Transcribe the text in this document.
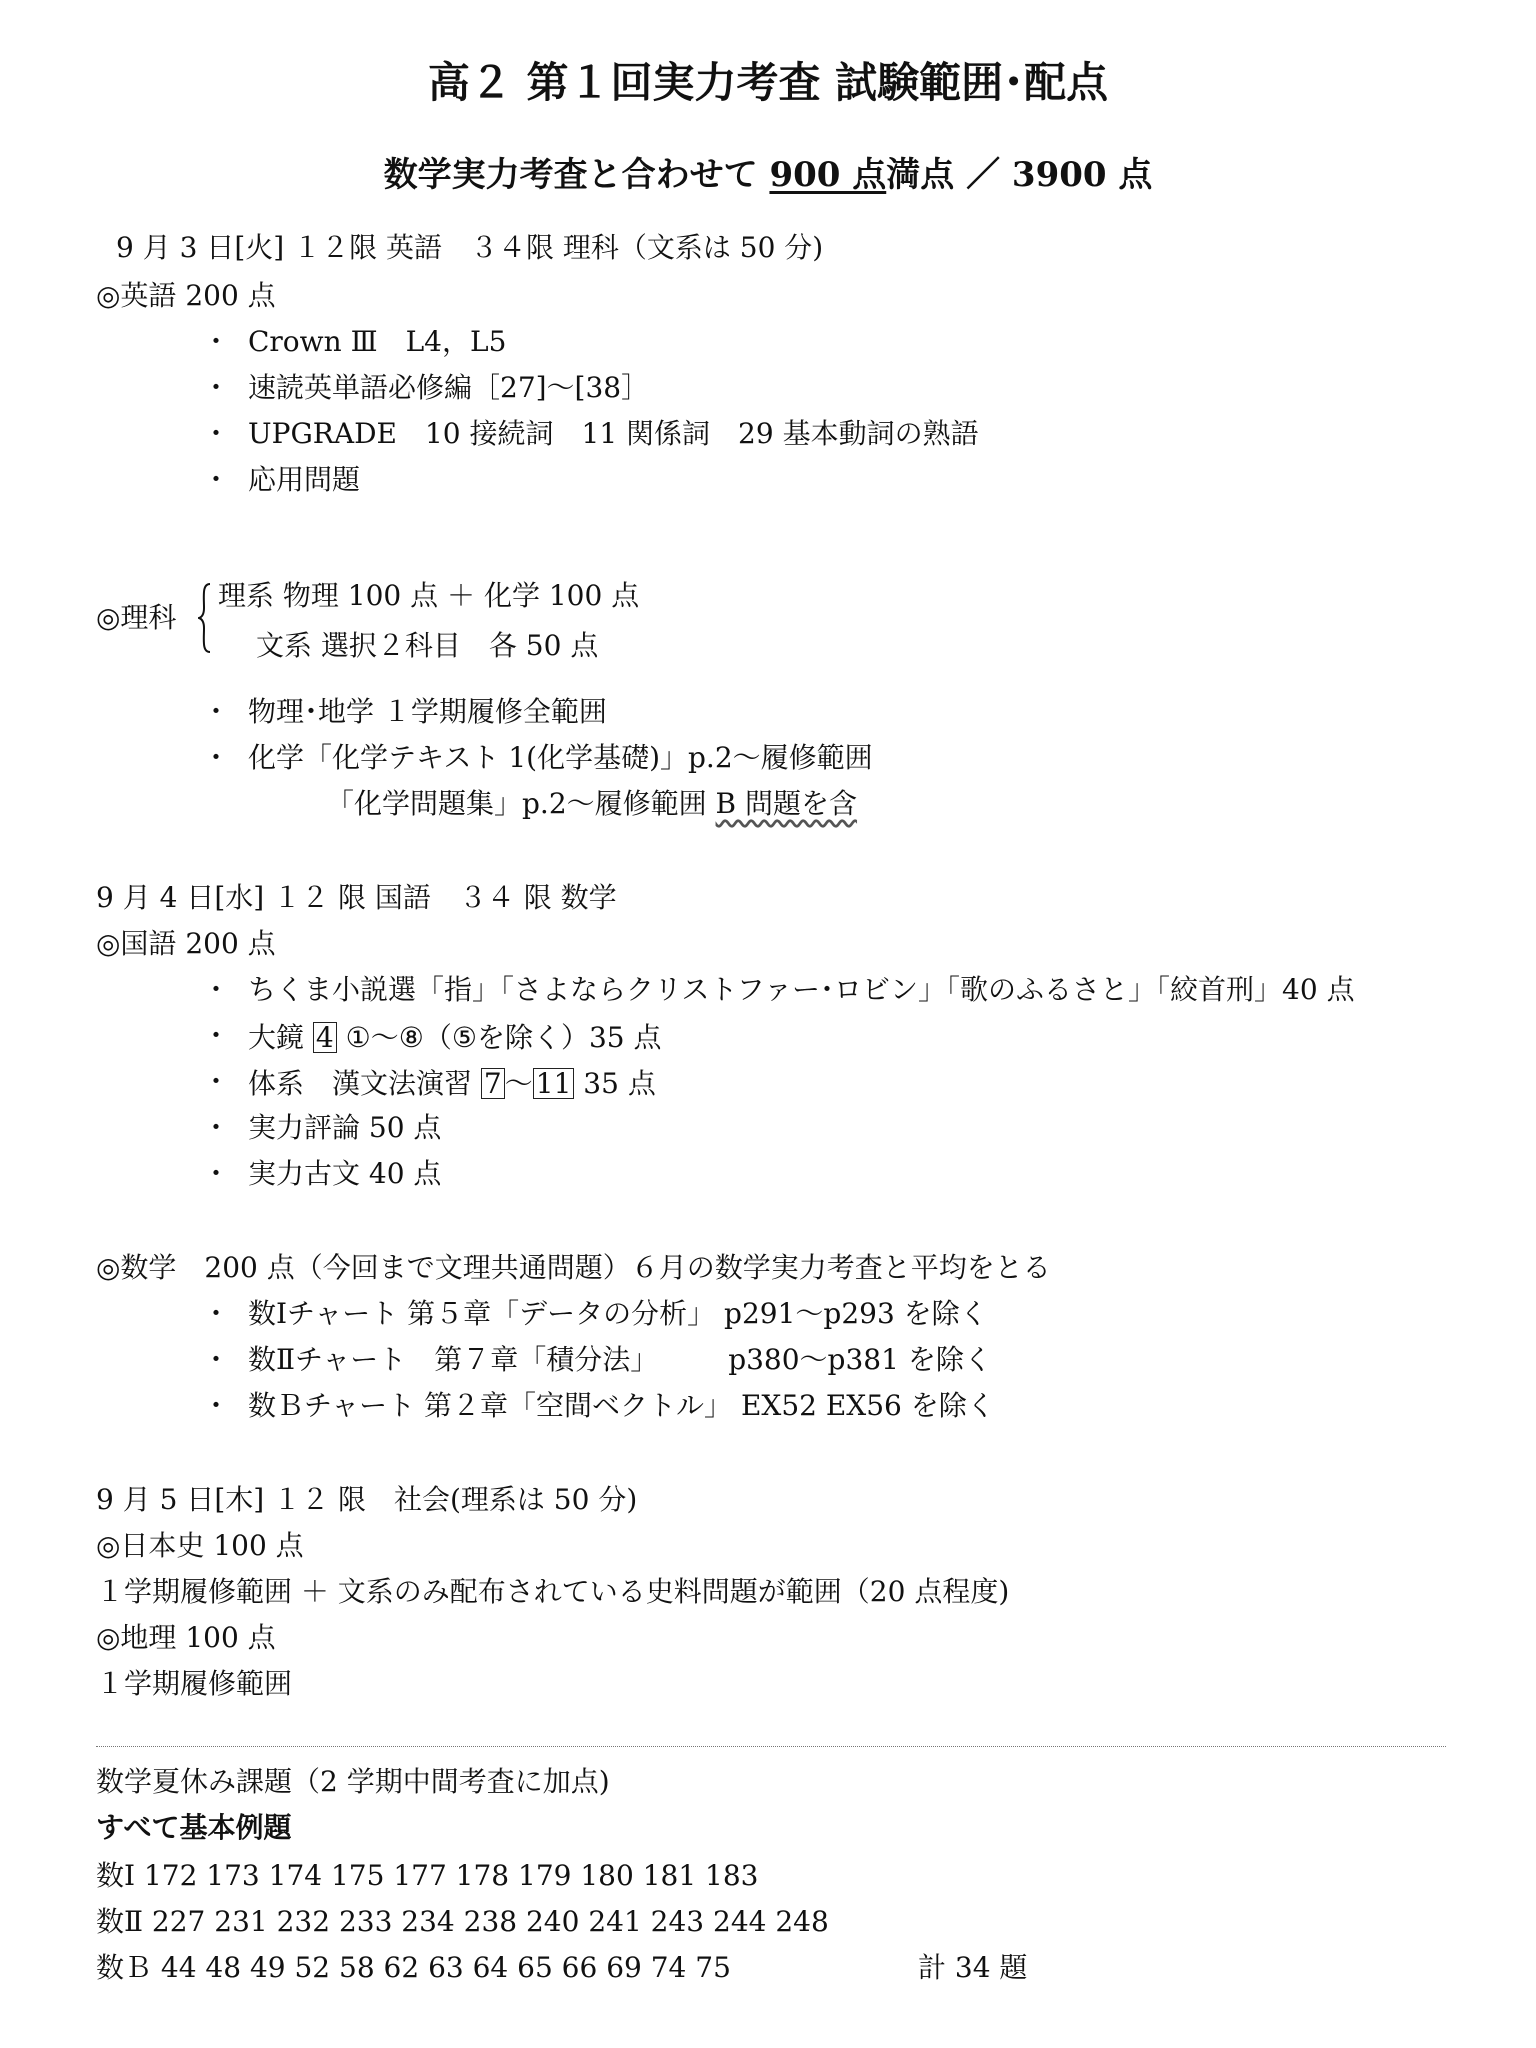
高２ 第１回実力考査 試験範囲･配点
数学実力考査と合わせて 900 点満点 ／ 3900 点
9 月 3 日[火] １２限 英語　３４限 理科（文系は 50 分)
◎英語 200 点
・ Crown Ⅲ　L4，L5
・ 速読英単語必修編［27]〜[38］
・ UPGRADE　10 接続詞　11 関係詞　29 基本動詞の熟語
・ 応用問題
◎理科
理系 物理 100 点 ＋ 化学 100 点
文系 選択２科目　各 50 点
・ 物理･地学 １学期履修全範囲
・ 化学「化学テキスト 1(化学基礎)」p.2〜履修範囲
「化学問題集」p.2〜履修範囲 B 問題を含
9 月 4 日[水] １２ 限 国語　３４ 限 数学
◎国語 200 点
・ ちくま小説選「指」「さよならクリストファー･ロビン」「歌のふるさと」「絞首刑」40 点
・ 大鏡 4 ①〜⑧（⑤を除く）35 点
・ 体系　漢文法演習 7 〜 11 35 点
・ 実力評論 50 点
・ 実力古文 40 点
◎数学　200 点（今回まで文理共通問題）６月の数学実力考査と平均をとる
・ 数Ⅰチャート 第５章「データの分析」 p291〜p293 を除く
・ 数Ⅱチャート　第７章「積分法」　　　p380〜p381 を除く
・ 数Ｂチャート 第２章「空間ベクトル」 EX52 EX56 を除く
9 月 5 日[木] １２ 限　社会(理系は 50 分)
◎日本史 100 点
１学期履修範囲 ＋ 文系のみ配布されている史料問題が範囲（20 点程度)
◎地理 100 点
１学期履修範囲
数学夏休み課題（2 学期中間考査に加点)
すべて基本例題
数Ⅰ 172 173 174 175 177 178 179 180 181 183
数Ⅱ 227 231 232 233 234 238 240 241 243 244 248
数Ｂ 44 48 49 52 58 62 63 64 65 66 69 74 75	計 34 題
